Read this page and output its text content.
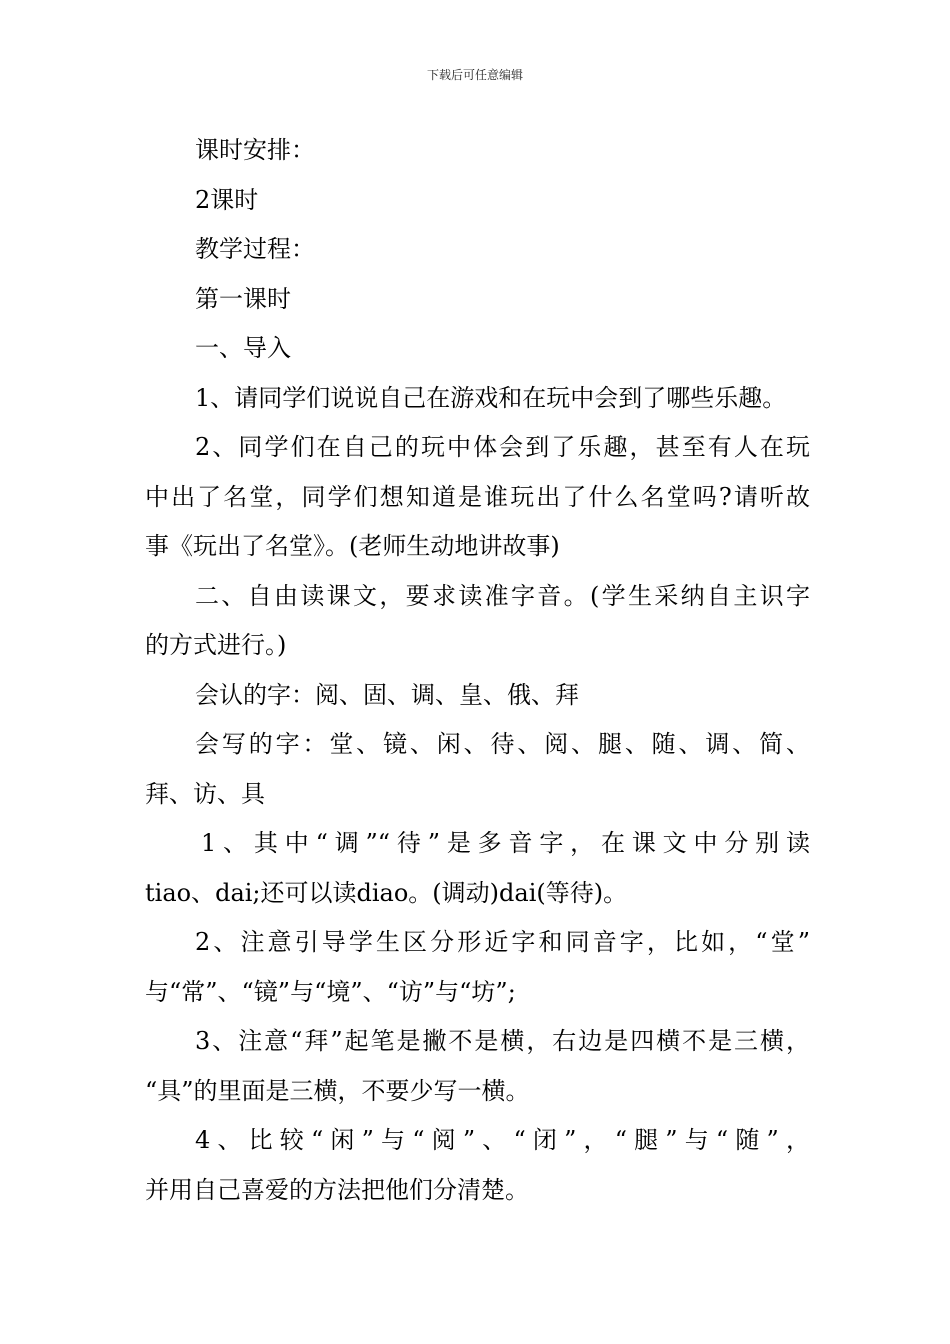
下载后可任意编辑
课时安排：
2课时
教学过程：
第一课时
一、导入
1、请同学们说说自己在游戏和在玩中会到了哪些乐趣。
2、同学们在自己的玩中体会到了乐趣，甚至有人在玩
中出了名堂，同学们想知道是谁玩出了什么名堂吗?请听故
事《玩出了名堂》。(老师生动地讲故事)
二、自由读课文，要求读准字音。(学生采纳自主识字
的方式进行。)
会认的字：阅、固、调、皇、俄、拜
会写的字：堂、镜、闲、待、阅、腿、随、调、简、
拜、访、具
1、其中“调”“待”是多音字，在课文中分别读
tiao、dai;还可以读diao。(调动)dai(等待)。
2、注意引导学生区分形近字和同音字，比如，“堂”
与“常”、“镜”与“境”、“访”与“坊”;
3、注意“拜”起笔是撇不是横，右边是四横不是三横，
“具”的里面是三横，不要少写一横。
4、比较“闲”与“阅”、“闭”，“腿”与“随”，
并用自己喜爱的方法把他们分清楚。
